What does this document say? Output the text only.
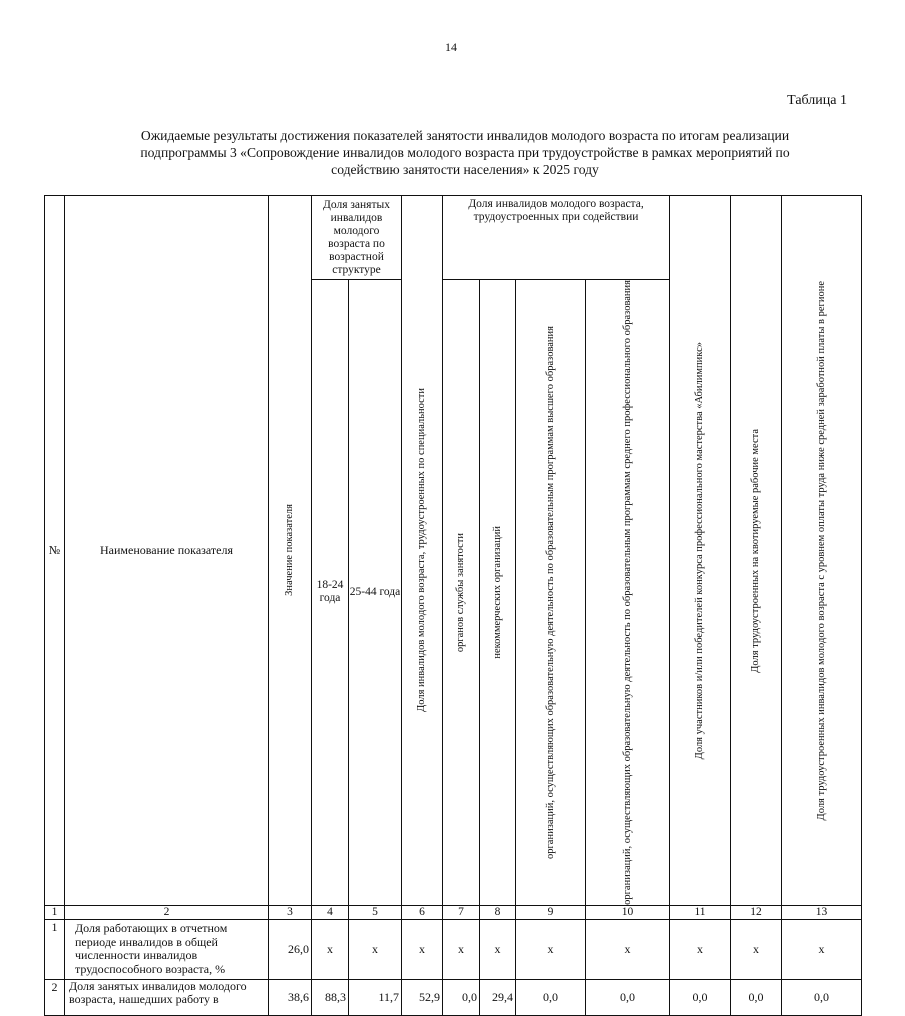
14
Таблица 1
Ожидаемые результаты достижения показателей занятости инвалидов молодого возраста по итогам реализации
подпрограммы 3 «Сопровождение инвалидов молодого возраста при трудоустройстве в рамках мероприятий по
содействию занятости населения» к 2025 году
№	Наименование показателя	Значение показателя	Доля занятых инвалидов молодого возраста по возрастной структуре		Доля инвалидов молодого возраста, трудоустроенных по специальности	Доля инвалидов молодого возраста, трудоустроенных при содействии				Доля участников и/или победителей конкурса профессионального мастерства «Абилимпикс»	Доля трудоустроенных на квотируемые рабочие места	Доля трудоустроенных инвалидов молодого возраста с уровнем оплаты труда ниже средней заработной платы в регионе

			18-24 года	25-44 года		органов службы занятости	некоммерческих организаций	организаций, осуществляющих образовательную деятельность по образовательным программам высшего образования	организаций, осуществляющих образовательную деятельность по образовательным программам среднего профессионального образования			

1	2	3	4	5	6	7	8	9	10	11	12	13
1	Доля работающих в отчетном периоде инвалидов в общей численности инвалидов трудоспособного возраста, %	26,0	x	x	x	x	x	x	x	x	x	x
2	Доля занятых инвалидов молодого возраста, нашедших работу в	38,6	88,3	11,7	52,9	0,0	29,4	0,0	0,0	0,0	0,0	0,0
